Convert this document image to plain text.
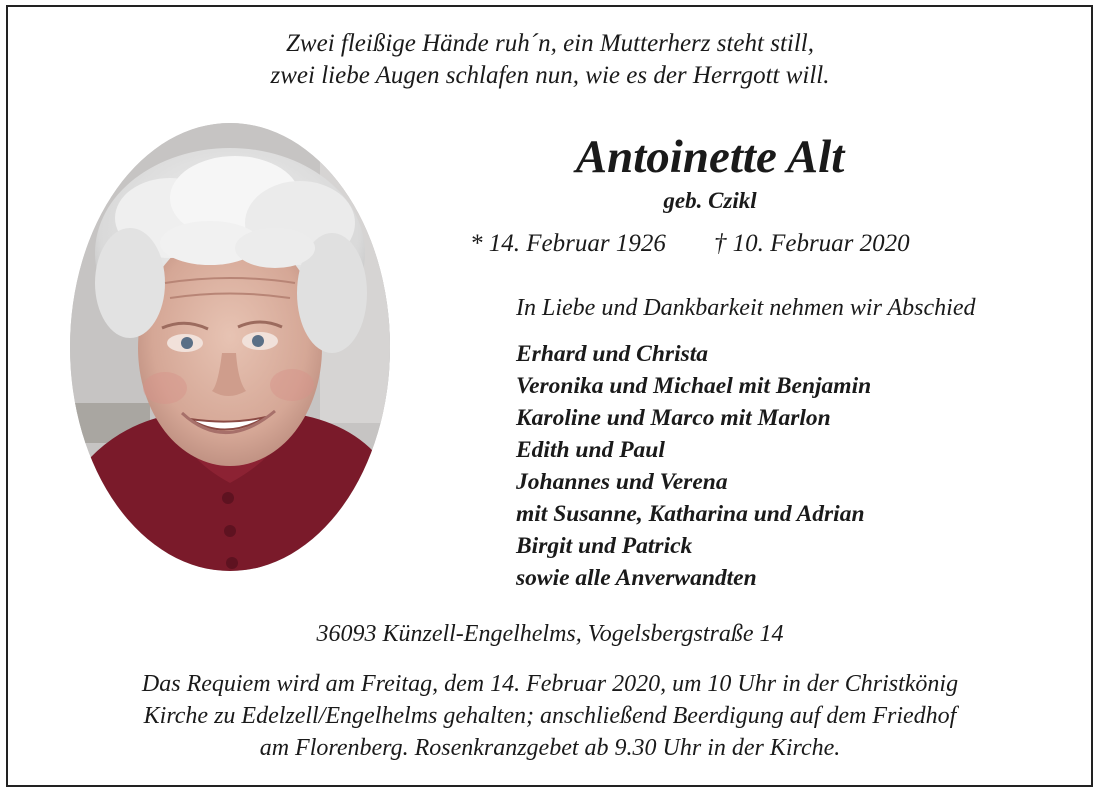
Zwei fleißige Hände ruh´n, ein Mutterherz steht still,
zwei liebe Augen schlafen nun, wie es der Herrgott will.
Antoinette Alt
geb. Czikl
* 14. Februar 1926 † 10. Februar 2020
In Liebe und Dankbarkeit nehmen wir Abschied
Erhard und Christa
Veronika und Michael mit Benjamin
Karoline und Marco mit Marlon
Edith und Paul
Johannes und Verena
mit Susanne, Katharina und Adrian
Birgit und Patrick
sowie alle Anverwandten
36093 Künzell-Engelhelms, Vogelsbergstraße 14
Das Requiem wird am Freitag, dem 14. Februar 2020, um 10 Uhr in der Christkönig
Kirche zu Edelzell/Engelhelms gehalten; anschließend Beerdigung auf dem Friedhof
am Florenberg. Rosenkranzgebet ab 9.30 Uhr in der Kirche.
